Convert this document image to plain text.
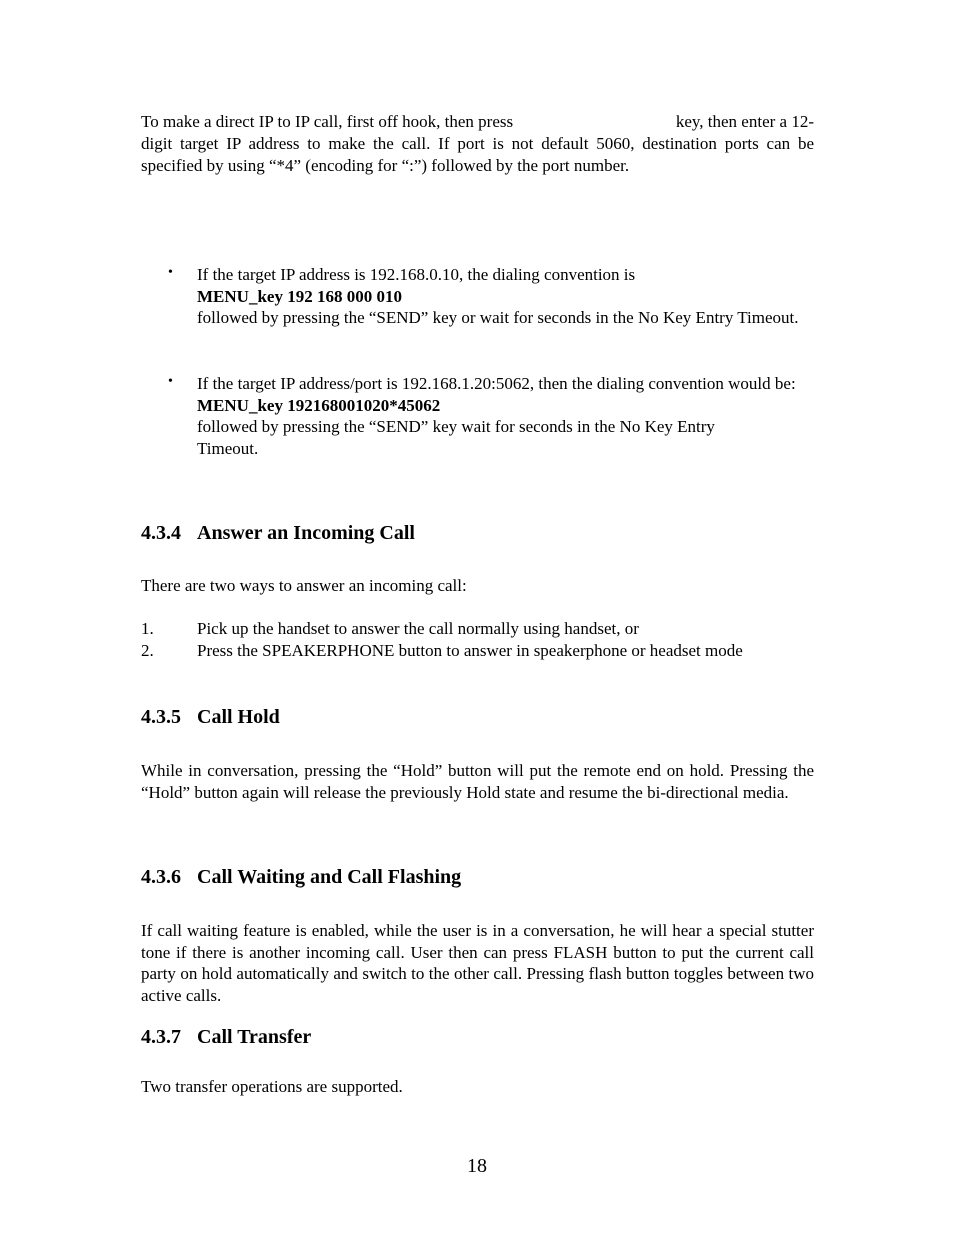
To make a direct IP to IP call, first off hook, then press	key, then enter a 12-
digit target IP address to make the call. If port is not default 5060, destination ports can be specified by using “*4” (encoding for “:”) followed by the port number.
• If the target IP address is 192.168.0.10, the dialing convention is
MENU_key 192 168 000 010
followed by pressing the “SEND” key or wait for seconds in the No Key Entry Timeout.
• If the target IP address/port is 192.168.1.20:5062, then the dialing convention would be:
MENU_key 192168001020*45062
followed by pressing the “SEND” key wait for seconds in the No Key Entry Timeout.
4.3.4 Answer an Incoming Call
There are two ways to answer an incoming call:
1.	Pick up the handset to answer the call normally using handset, or
2.	Press the SPEAKERPHONE button to answer in speakerphone or headset mode
4.3.5 Call Hold
While in conversation, pressing the “Hold” button will put the remote end on hold. Pressing the “Hold” button again will release the previously Hold state and resume the bi-directional media.
4.3.6 Call Waiting and Call Flashing
If call waiting feature is enabled, while the user is in a conversation, he will hear a special stutter tone if there is another incoming call. User then can press FLASH button to put the current call party on hold automatically and switch to the other call. Pressing flash button toggles between two active calls.
4.3.7 Call Transfer
Two transfer operations are supported.
18
